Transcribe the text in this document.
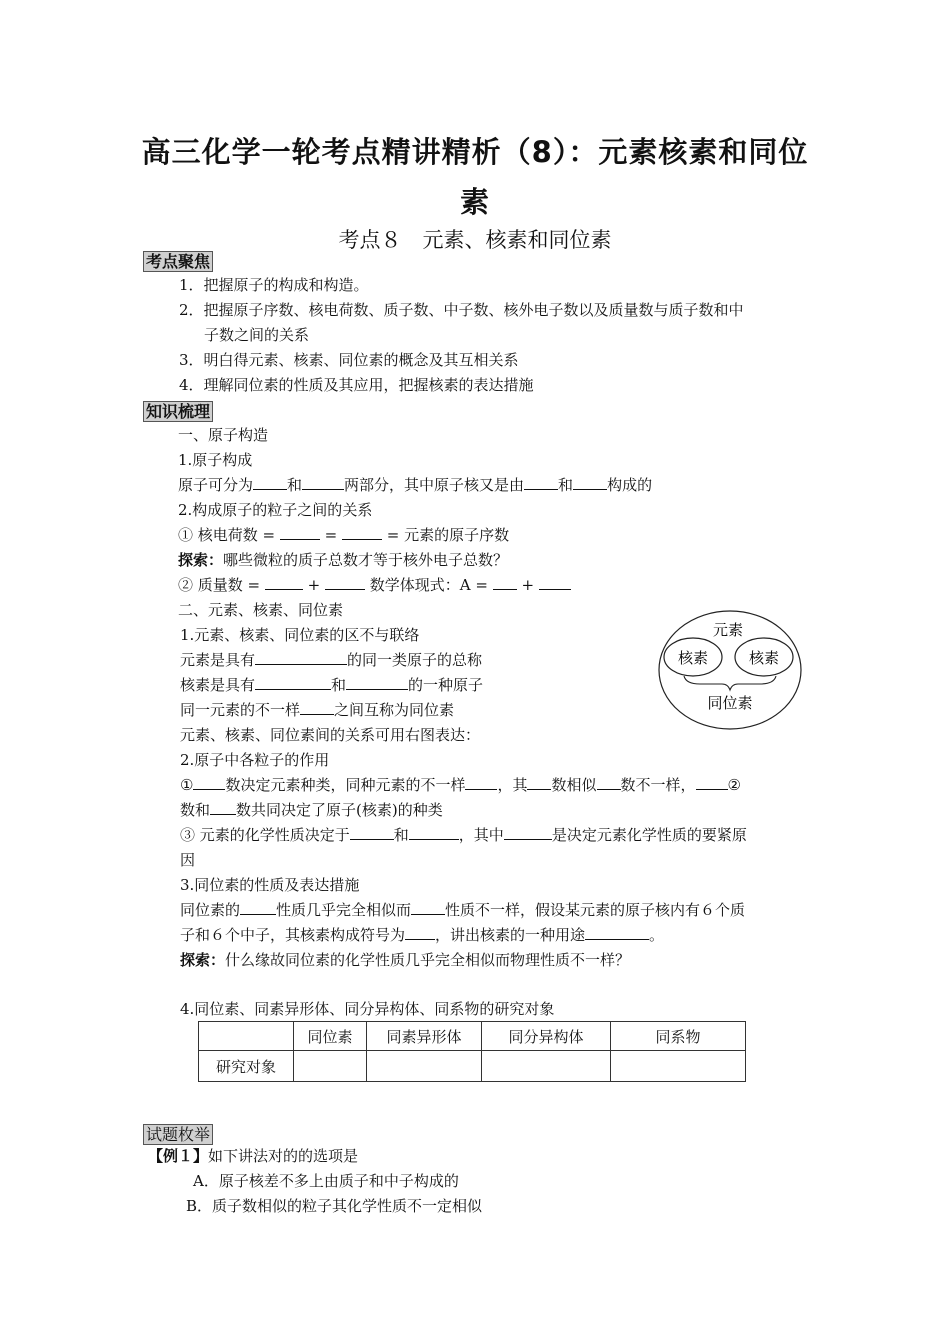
高三化学一轮考点精讲精析（8）：元素核素和同位
素
考点８　元素、核素和同位素
考点聚焦
1．把握原子的构成和构造。
2．把握原子序数、核电荷数、质子数、中子数、核外电子数以及质量数与质子数和中
子数之间的关系
3．明白得元素、核素、同位素的概念及其互相关系
4．理解同位素的性质及其应用，把握核素的表达措施
知识梳理
一、原子构造
1.原子构成
原子可分为 和	两部分，其中原子核又是由 和 构成的
2.构成原子的粒子之间的关系
① 核电荷数 =	=	= 元素的原子序数
探索：哪些微粒的质子总数才等于核外电子总数？
② 质量数 =	+	数学体现式：A =  +
二、元素、核素、同位素
1.元素、核素、同位素的区不与联络
元素是具有	的同一类原子的总称
核素是具有	和	的一种原子
同一元素的不一样 之间互称为同位素
元素、核素、同位素间的关系可用右图表达：
元素
核素	核素
同位素
2.原子中各粒子的作用
① 数决定元素种类，同种元素的不一样 ，其 数相似 数不一样， ②
数和 数共同决定了原子(核素)的种类
③ 元素的化学性质决定于	和	，其中	是决定元素化学性质的要紧原
因
3.同位素的性质及表达措施
同位素的 性质几乎完全相似而 性质不一样，假设某元素的原子核内有６个质
子和６个中子，其核素构成符号为 ，讲出核素的一种用途	。
探索：什么缘故同位素的化学性质几乎完全相似而物理性质不一样？
4.同位素、同素异形体、同分异构体、同系物的研究对象
	同位素	同素异形体	同分异构体	同系物
研究对象				
试题枚举
【例１】如下讲法对的的选项是
A．原子核差不多上由质子和中子构成的
B．质子数相似的粒子其化学性质不一定相似
